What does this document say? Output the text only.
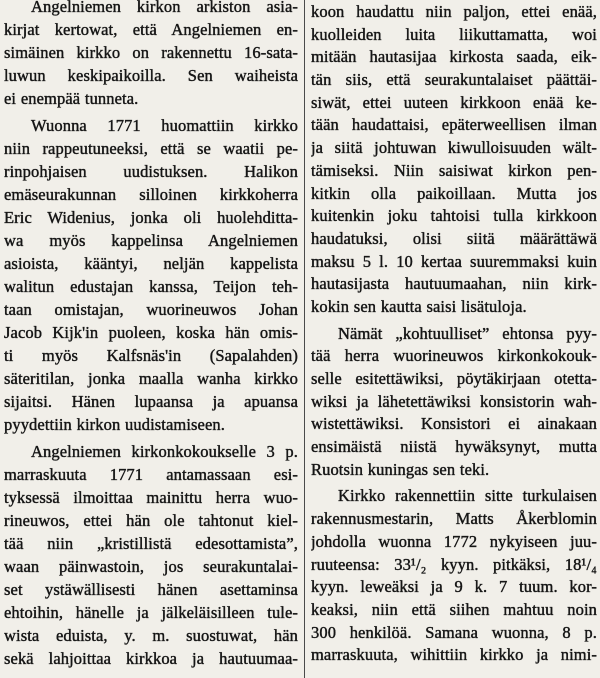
Angelniemen kirkon arkiston asia-
kirjat kertowat, että Angelniemen en-
simäinen kirkko on rakennettu 16-sata-
luwun keskipaikoilla. Sen waiheista
ei enempää tunneta.
Wuonna 1771 huomattiin kirkko
niin rappeutuneeksi, että se waatii pe-
rinpohjaisen uudistuksen. Halikon
emäseurakunnan silloinen kirkkoherra
Eric Widenius, jonka oli huolehditta-
wa myös kappelinsa Angelniemen
asioista, kääntyi, neljän kappelista
walitun edustajan kanssa, Teijon teh-
taan omistajan, wuorineuwos Johan
Jacob Kijk'in puoleen, koska hän omis-
ti myös Kalfsnäs'in (Sapalahden)
säteritilan, jonka maalla wanha kirkko
sijaitsi. Hänen lupaansa ja apuansa
pyydettiin kirkon uudistamiseen.
Angelniemen kirkonkokoukselle 3 p.
marraskuuta 1771 antamassaan esi-
tyksessä ilmoittaa mainittu herra wuo-
rineuwos, ettei hän ole tahtonut kiel-
tää niin „kristillistä edesottamista”,
waan päinwastoin, jos seurakuntalai-
set ystäwällisesti hänen asettaminsa
ehtoihin, hänelle ja jälkeläisilleen tule-
wista eduista, y. m. suostuwat, hän
sekä lahjoittaa kirkkoa ja hautuumaa-
koon haudattu niin paljon, ettei enää,
kuolleiden luita liikuttamatta, woi
mitään hautasijaa kirkosta saada, eik-
tän siis, että seurakuntalaiset päättäi-
siwät, ettei uuteen kirkkoon enää ke-
tään haudattaisi, epäterweellisen ilman
ja siitä johtuwan kiwulloisuuden wält-
tämiseksi. Niin saisiwat kirkon pen-
kitkin olla paikoillaan. Mutta jos
kuitenkin joku tahtoisi tulla kirkkoon
haudatuksi, olisi siitä määrättäwä
maksu 5 l. 10 kertaa suuremmaksi kuin
hautasijasta hautuumaahan, niin kirk-
kokin sen kautta saisi lisätuloja.
Nämät „kohtuulliset” ehtonsa pyy-
tää herra wuorineuwos kirkonkokouk-
selle esitettäwiksi, pöytäkirjaan otetta-
wiksi ja lähetettäwiksi konsistorin wah-
wistettäwiksi. Konsistori ei ainakaan
ensimäistä niistä hywäksynyt, mutta
Ruotsin kuningas sen teki.
Kirkko rakennettiin sitte turkulaisen
rakennusmestarin, Matts Åkerblomin
johdolla wuonna 1772 nykyiseen juu-
ruuteensa: 33¹/₂ kyyn. pitkäksi, 18¹/₄
kyyn. leweäksi ja 9 k. 7 tuum. kor-
keaksi, niin että siihen mahtuu noin
300 henkilöä. Samana wuonna, 8 p.
marraskuuta, wihittiin kirkko ja nimi-
